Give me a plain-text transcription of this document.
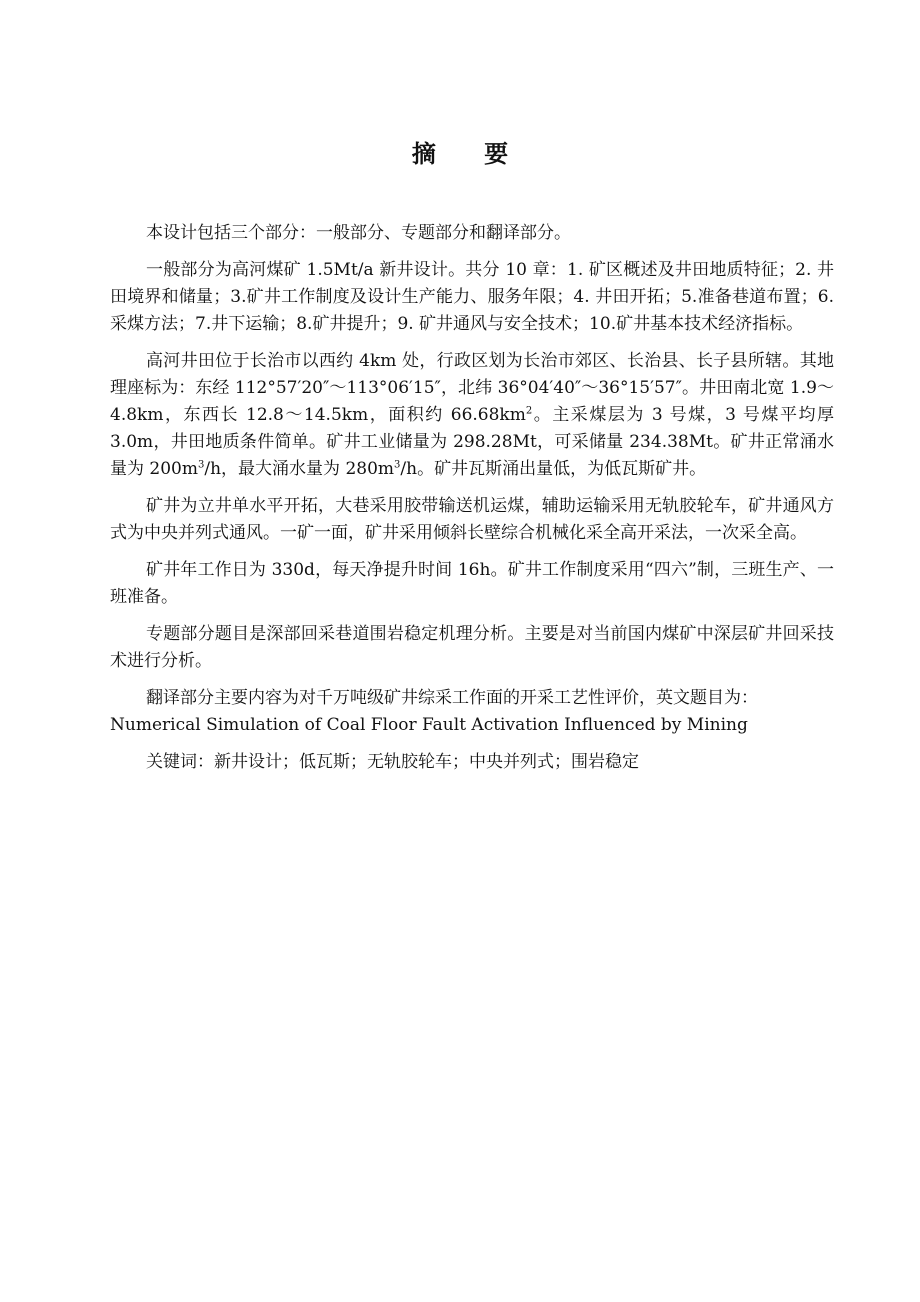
摘 要

本设计包括三个部分：一般部分、专题部分和翻译部分。

一般部分为高河煤矿 1.5Mt/a 新井设计。共分 10 章：1. 矿区概述及井田地质特征；2. 井田境界和储量；3.矿井工作制度及设计生产能力、服务年限；4. 井田开拓；5.准备巷道布置；6.采煤方法；7.井下运输；8.矿井提升；9. 矿井通风与安全技术；10.矿井基本技术经济指标。

高河井田位于长治市以西约 4km 处，行政区划为长治市郊区、长治县、长子县所辖。其地理座标为：东经 112°57′20″～113°06′15″，北纬 36°04′40″～36°15′57″。井田南北宽 1.9～4.8km，东西长 12.8～14.5km，面积约 $66.68km^2$。主采煤层为 3 号煤，3 号煤平均厚 3.0m，井田地质条件简单。矿井工业储量为 298.28Mt，可采储量 234.38Mt。矿井正常涌水量为 $200m^3/h$，最大涌水量为 $280m^3/h$。矿井瓦斯涌出量低，为低瓦斯矿井。

矿井为立井单水平开拓，大巷采用胶带输送机运煤，辅助运输采用无轨胶轮车，矿井通风方式为中央并列式通风。一矿一面，矿井采用倾斜长壁综合机械化采全高开采法，一次采全高。

矿井年工作日为 330d，每天净提升时间 16h。矿井工作制度采用“四六”制，三班生产、一班准备。

专题部分题目是深部回采巷道围岩稳定机理分析。主要是对当前国内煤矿中深层矿井回采技术进行分析。

翻译部分主要内容为对千万吨级矿井综采工作面的开采工艺性评价，英文题目为：
Numerical Simulation of Coal Floor Fault Activation Influenced by Mining

关键词：新井设计；低瓦斯；无轨胶轮车；中央并列式；围岩稳定
